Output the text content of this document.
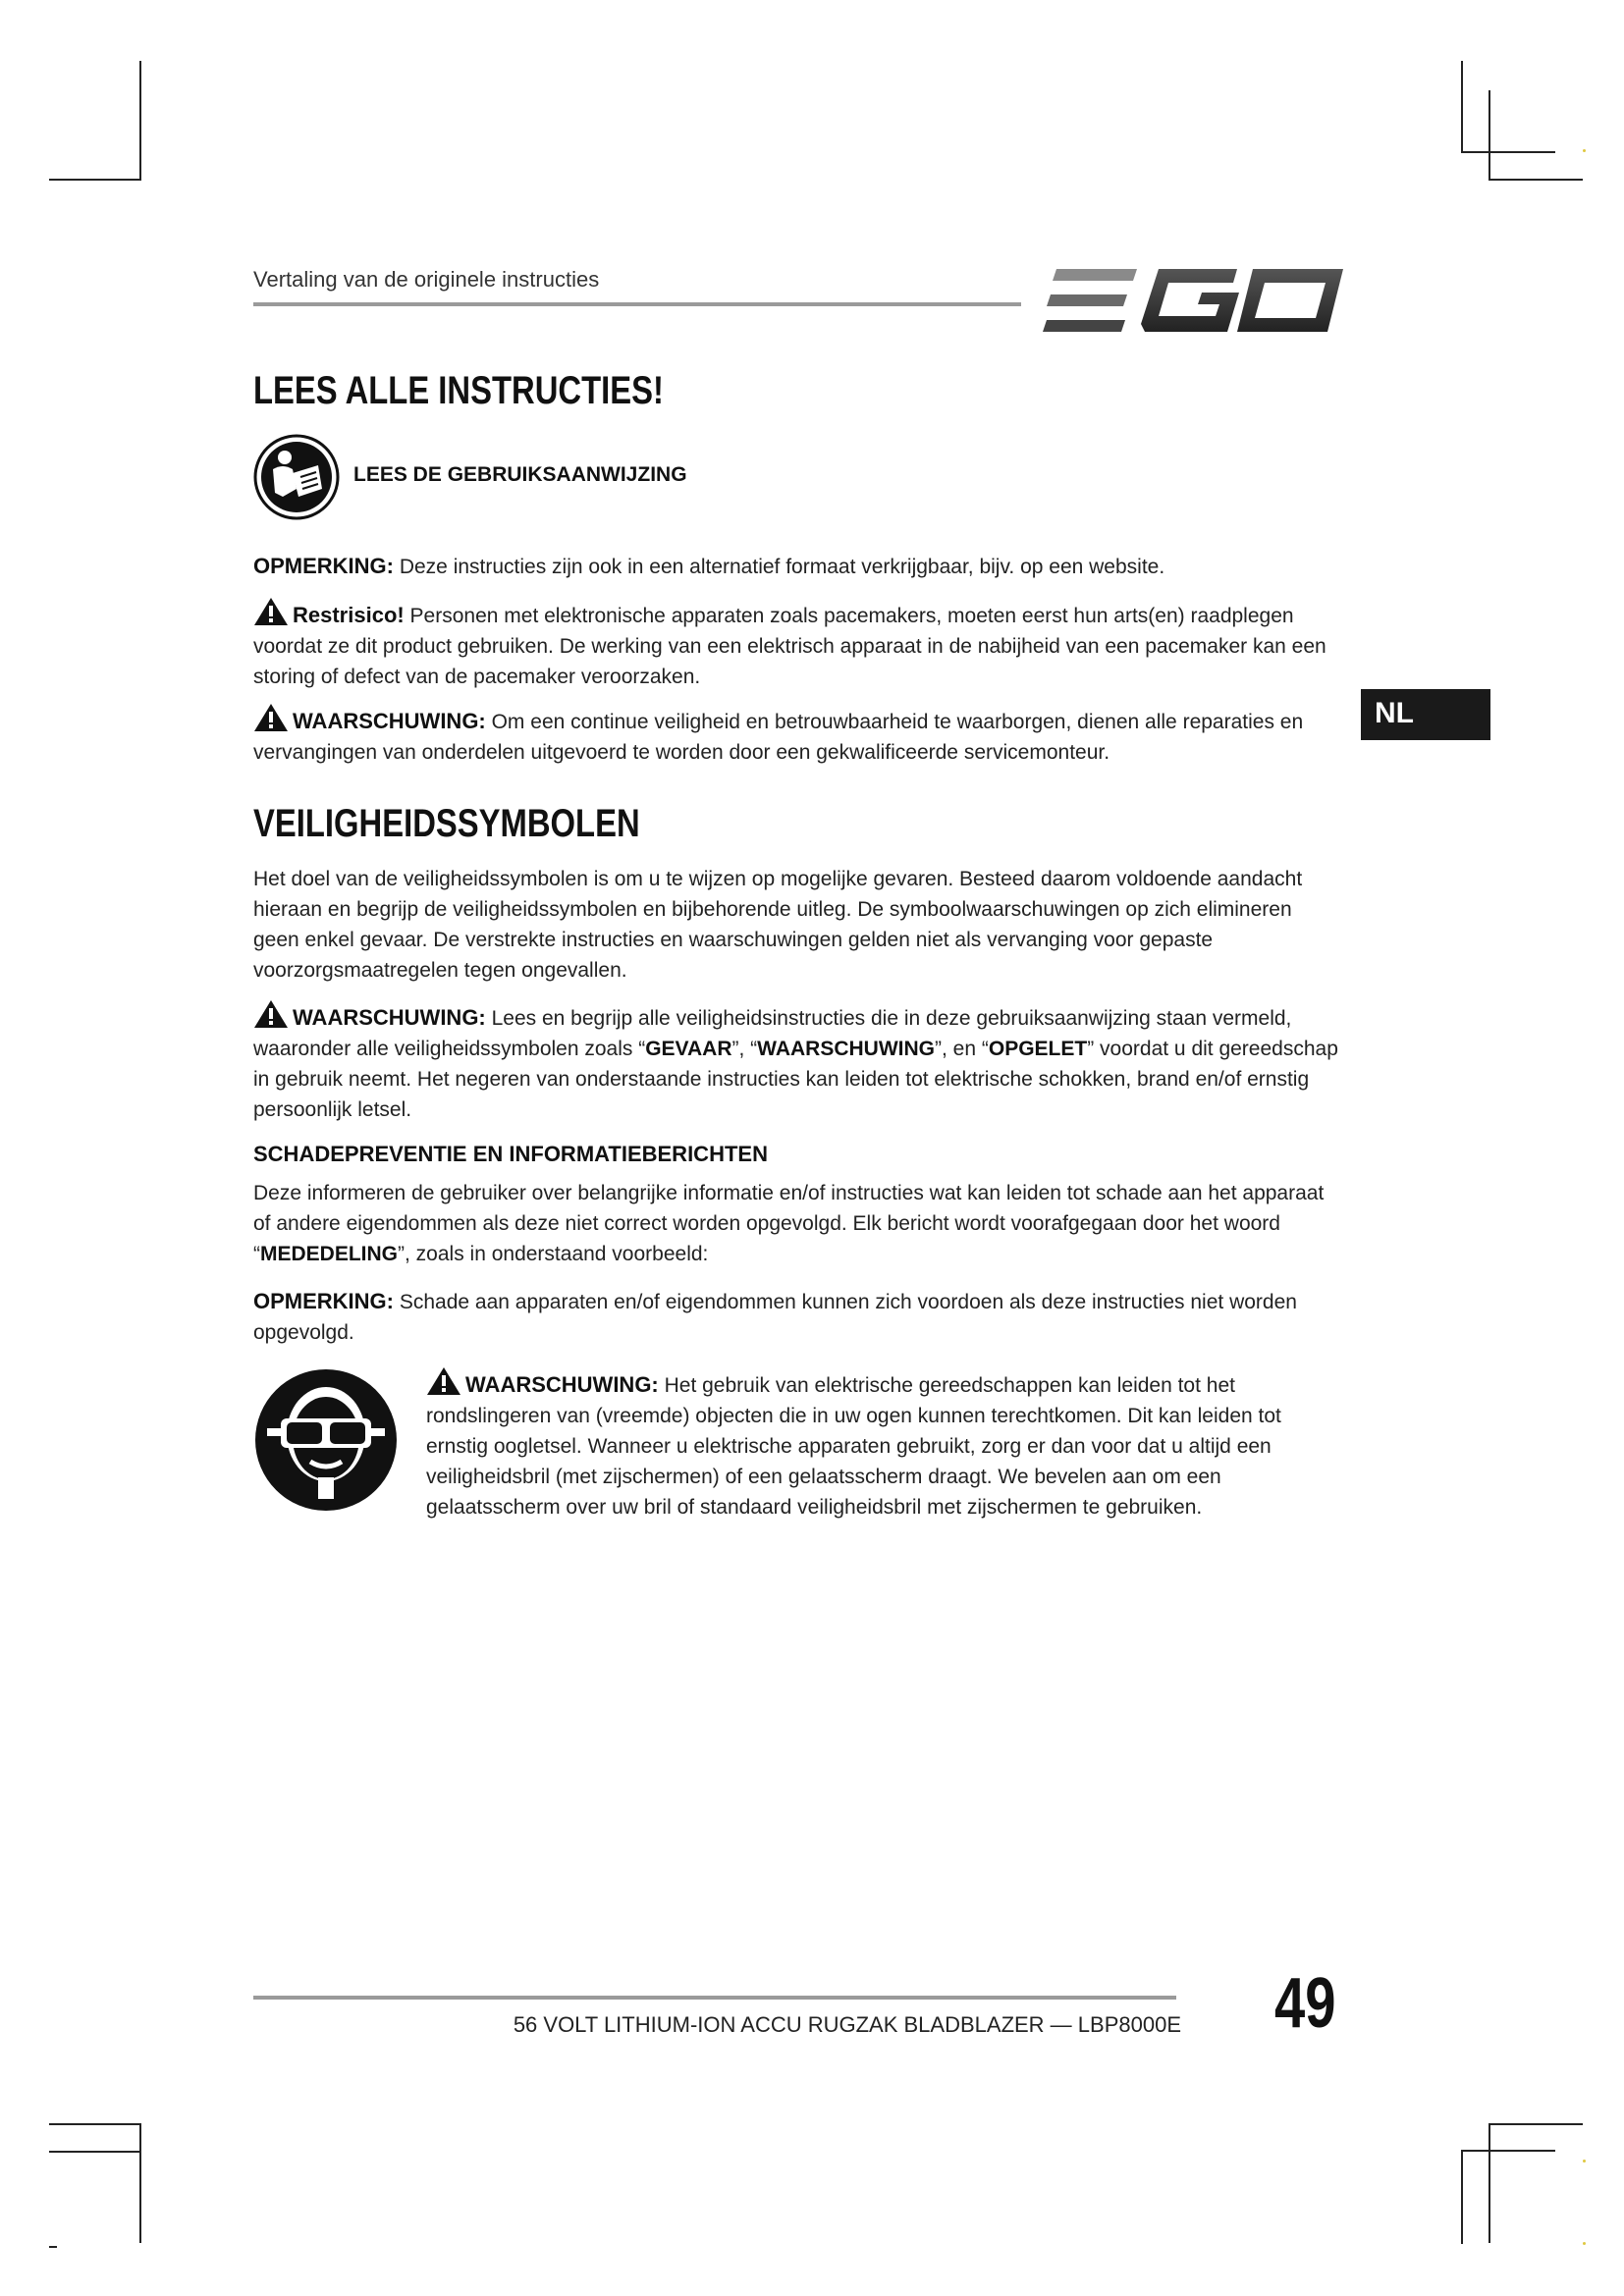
Vertaling van de originele instructies
LEES ALLE INSTRUCTIES!
LEES DE GEBRUIKSAANWIJZING
OPMERKING: Deze instructies zijn ook in een alternatief formaat verkrijgbaar, bijv. op een website.
Restrisico! Personen met elektronische apparaten zoals pacemakers, moeten eerst hun arts(en) raadplegen voordat ze dit product gebruiken. De werking van een elektrisch apparaat in de nabijheid van een pacemaker kan een storing of defect van de pacemaker veroorzaken.
WAARSCHUWING: Om een continue veiligheid en betrouwbaarheid te waarborgen, dienen alle reparaties en vervangingen van onderdelen uitgevoerd te worden door een gekwalificeerde servicemonteur.
NL
VEILIGHEIDSSYMBOLEN
Het doel van de veiligheidssymbolen is om u te wijzen op mogelijke gevaren. Besteed daarom voldoende aandacht hieraan en begrijp de veiligheidssymbolen en bijbehorende uitleg. De symboolwaarschuwingen op zich elimineren geen enkel gevaar. De verstrekte instructies en waarschuwingen gelden niet als vervanging voor gepaste voorzorgsmaatregelen tegen ongevallen.
WAARSCHUWING: Lees en begrijp alle veiligheidsinstructies die in deze gebruiksaanwijzing staan vermeld, waaronder alle veiligheidssymbolen zoals “GEVAAR”, “WAARSCHUWING”, en “OPGELET” voordat u dit gereedschap in gebruik neemt. Het negeren van onderstaande instructies kan leiden tot elektrische schokken, brand en/of ernstig persoonlijk letsel.
SCHADEPREVENTIE EN INFORMATIEBERICHTEN
Deze informeren de gebruiker over belangrijke informatie en/of instructies wat kan leiden tot schade aan het apparaat of andere eigendommen als deze niet correct worden opgevolgd. Elk bericht wordt voorafgegaan door het woord “MEDEDELING”, zoals in onderstaand voorbeeld:
OPMERKING: Schade aan apparaten en/of eigendommen kunnen zich voordoen als deze instructies niet worden opgevolgd.
WAARSCHUWING: Het gebruik van elektrische gereedschappen kan leiden tot het rondslingeren van (vreemde) objecten die in uw ogen kunnen terechtkomen. Dit kan leiden tot ernstig oogletsel. Wanneer u elektrische apparaten gebruikt, zorg er dan voor dat u altijd een veiligheidsbril (met zijschermen) of een gelaatsscherm draagt. We bevelen aan om een gelaatsscherm over uw bril of standaard veiligheidsbril met zijschermen te gebruiken.
56 VOLT LITHIUM-ION ACCU RUGZAK BLADBLAZER — LBP8000E 49
